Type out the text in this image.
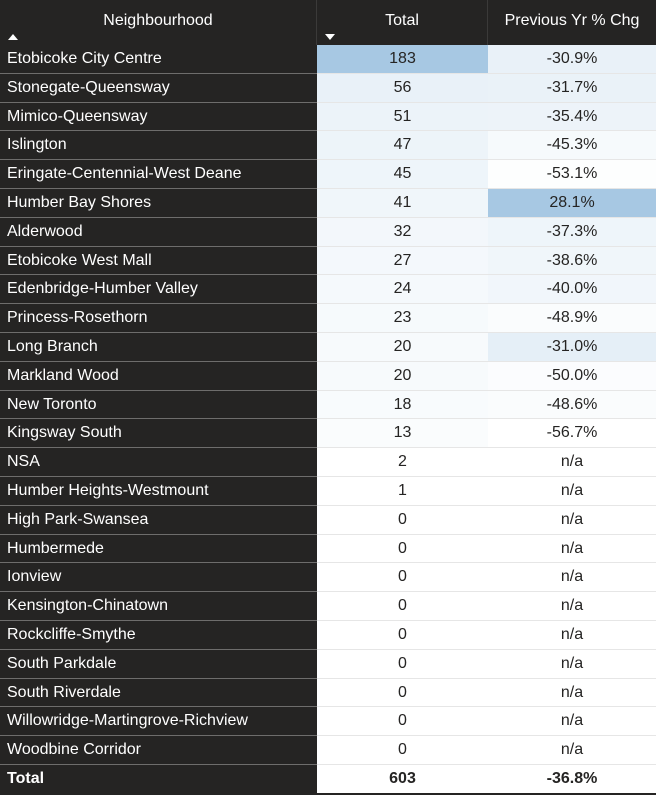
Neighbourhood	Total	Previous Yr % Chg
Etobicoke City Centre	183	-30.9%
Stonegate-Queensway	56	-31.7%
Mimico-Queensway	51	-35.4%
Islington	47	-45.3%
Eringate-Centennial-West Deane	45	-53.1%
Humber Bay Shores	41	28.1%
Alderwood	32	-37.3%
Etobicoke West Mall	27	-38.6%
Edenbridge-Humber Valley	24	-40.0%
Princess-Rosethorn	23	-48.9%
Long Branch	20	-31.0%
Markland Wood	20	-50.0%
New Toronto	18	-48.6%
Kingsway South	13	-56.7%
NSA	2	n/a
Humber Heights-Westmount	1	n/a
High Park-Swansea	0	n/a
Humbermede	0	n/a
Ionview	0	n/a
Kensington-Chinatown	0	n/a
Rockcliffe-Smythe	0	n/a
South Parkdale	0	n/a
South Riverdale	0	n/a
Willowridge-Martingrove-Richview	0	n/a
Woodbine Corridor	0	n/a
Total	603	-36.8%
